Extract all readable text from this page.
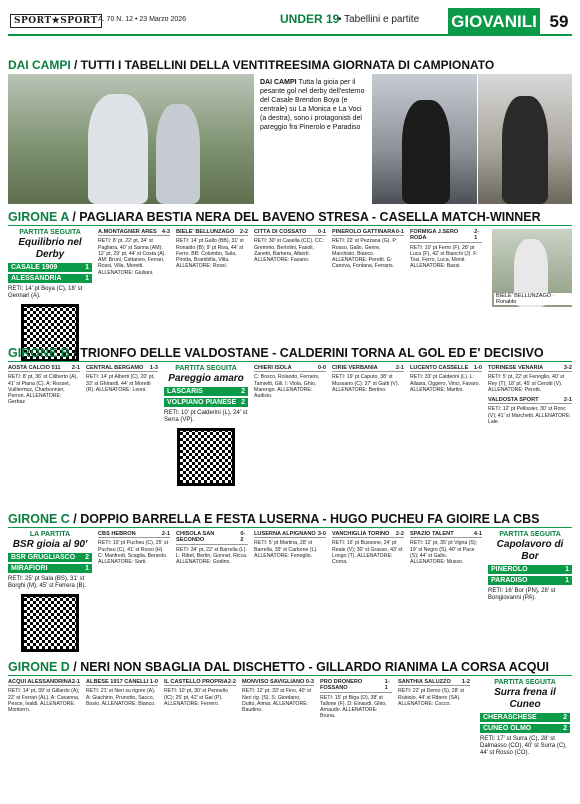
SPORT★SPORT A. 70 N. 12 • 23 Marzo 2026	UNDER 19
• Tabellini e partite GIOVANILI 59
DAI CAMPI / TUTTI I TABELLINI DELLA VENTITREESIMA GIORNATA DI CAMPIONATO
DAI CAMPI Tutta la gioia per il pesante gol nel derby dell'esterno del Casale Brendon Boya (e centrale) su La Monica e La Voci (a destra), sono i protagonisti del pareggio fra Pinerolo e Paradiso
GIRONE A / PAGLIARA BESTIA NERA DEL BAVENO STRESA - CASELLA MATCH-WINNER
PARTITA SEGUITA
Equilibrio nel Derby
CASALE 1909	1
ALESSANDRIA	1
RETI: 14' pt Boya (C), 18' st Gennari (A).
A.MONTAGNER ARES 4-3

RETI: 8' pt, 22' pt, 34' st Pagliara, 40' st Sanna (AM); 12' pt, 29' pt, 44' st Costa (A). AM: Bruni, Cattaneo, Ferrari, Rossi, Villa, Moretti. ALLENATORE: Giuliani.

BIELE' BELLUNZAGO 2-2

RETI: 14' pt Gallo (BB), 31' st Ronaldo (B); 9' pt Riva, 44' st Ferro. BB: Colombo, Sala, Pirotta, Brambilla, Villa. ALLENATORE: Rossi.

CITTÀ DI COSSATO 0-1

RETI: 30' st Casella (CC). CC: Gremmo, Bertolini, Fasoli, Zanetti, Barbera, Alberti. ALLENATORE: Fasano.

PINEROLO GATTINARA 0-1

RETI: 22' st Pezzana (G). P: Rosso, Gallo, Genre, Marchisio, Bianco. ALLENATORE: Peretti. G: Canova, Fontana, Ferraris.

FORMIGA J.SERO RODA
2-1

RETI: 10' pt Ferro (F), 28' pt Luca (F), 42' st Bianchi (J). F: Tosi, Ferro, Luca, Monti. ALLENATORE: Bassi.

BIELE' BELLUNZAGO · Ronaldo
GIRONE B / TRIONFO DELLE VALDOSTANE - CALDERINI TORNA AL GOL ED E' DECISIVO
AOSTA CALCIO 511 2-1

RETI: 8' pt, 36' st Ciliberto (A), 41' st Piana (C). A: Rosset, Vuillermoz, Charbonnier, Perron. ALLENATORE: Gerbaz.

CENTRAL BERGAMO 1-3

RETI: 14' pt Alberti (C), 20' pt, 33' st Ghirardi, 44' st Moretti (R). ALLENATORE: Leoni.

PARTITA SEGUITA
Pareggio amaro
LASCARIS	2
VOLPIANO PIANESE 2
RETI: 10' pt Calderini (L), 24' st Serra (VP).
CHIERI ISOLA	0-0

C: Bosco, Rolando, Ferraris, Tamietti, Gili. I: Viola, Ghio, Marengo. ALLENATORE: Audisio.

CIRIÈ VERBANIA	2-1

RETI: 19' pt Caputo, 38' st Mussano (C); 27' st Gatti (V). ALLENATORE: Bertino.

LUCENTO CASSELLE 1-0

RETI: 33' pt Calderini (L). L: Allasia, Oggero, Vinci, Favaro. ALLENATORE: Martini.

TORINESE VENARIA	3-2

RETI: 5' pt, 22' pt Fenoglio, 40' st Rey (T); 18' pt, 45' st Cerutti (V). ALLENATORE: Perotti.

VALDOSTA SPORT	2-1

RETI: 12' pt Pellissier, 30' st Ronc (V); 41' st Marchetti. ALLENATORE: Lale.

GIRONE C / DOPPIO BARRELLA E FESTA LUSERNA - HUGO PUCHEU FA GIOIRE LA CBS
LA PARTITA
BSR gioia al 90'
BSR GRUGLIASCO 2
MIRAFIORI	1
RETI: 25' pt Sala (BS), 31' st Borghi (M), 45' st Ferrera (B).
CBS HEBRON	2-1

RETI: 10' pt Pucheu (C), 25' st Pucheu (C), 41' st Rossi (H). C: Manfredi, Scaglia, Berardo. ALLENATORE: Sarti.

CHISOLA SAN SECONDO
0-2

RETI: 34' pt, 22' st Barrella (L). L: Ribet, Bertin, Gonnet, Ricca. ALLENATORE: Godino.

LUSERNA ALPIGNANO 3-0

RETI: 5' pt Martina, 28' st Barrella, 39' st Carbone (L). ALLENATORE: Fenoglio.

VANCHIGLIA TORINO 2-2

RETI: 16' pt Bussone, 24' pt Reale (V); 30' st Grasso, 43' st Longo (T). ALLENATORE: Corna.

SPAZIO TALENT	4-1

RETI: 12' pt, 35' pt Vigna (S); 19' st Negro (S), 40' st Pace (S); 44' st Gallo. ALLENATORE: Musso.

PARTITA SEGUITA
Capolavoro di Bor
PINEROLO	1
PARADISO	1
RETI: 16' Bor (PN), 28' st Bongiovanni (PA).
GIRONE D / NERI NON SBAGLIA DAL DISCHETTO - GILLARDO RIANIMA LA CORSA ACQUI
ACQUI ALESSANDRINA 2-1

RETI: 14' pt, 39' st Gillardo (A); 22' st Ferrari (AL). A: Cavanna, Pesce, Ivaldi. ALLENATORE: Montorro.

ALBESE 1917 CANELLI 1-0

RETI: 21' st Neri su rigore (A). A: Giachino, Prunotto, Sacco, Bosio. ALLENATORE: Bianco.

IL CASTELLO PROPRIA 2-2

RETI: 10' pt, 30' st Pennello (IC); 25' pt, 42' st Gai (P). ALLENATORE: Ferrero.

MONVISO SAVIGLIANO 0-3

RETI: 12' pt, 33' st Fino, 40' st Neri rig. (S). S: Giordano, Dutto, Aimar. ALLENATORE: Baudino.

PRO DRONERO FOSSANO
1-1

RETI: 15' pt Biga (D), 38' st Tallone (F). D: Einaudi, Ghio, Arnaudo. ALLENATORE: Bruna.

SANTHIÀ SALUZZO 1-2

RETI: 22' pt Demo (S), 28' st Rubiolo, 44' st Ribero (SA). ALLENATORE: Cocco.

PARTITA SEGUITA
Surra frena il Cuneo
CHERASCHESE	2
CUNEO OLMO	2
RETI: 17' st Surra (C), 28' st Dalmasso (CO), 40' st Surra (C), 44' st Rosso (CO).
